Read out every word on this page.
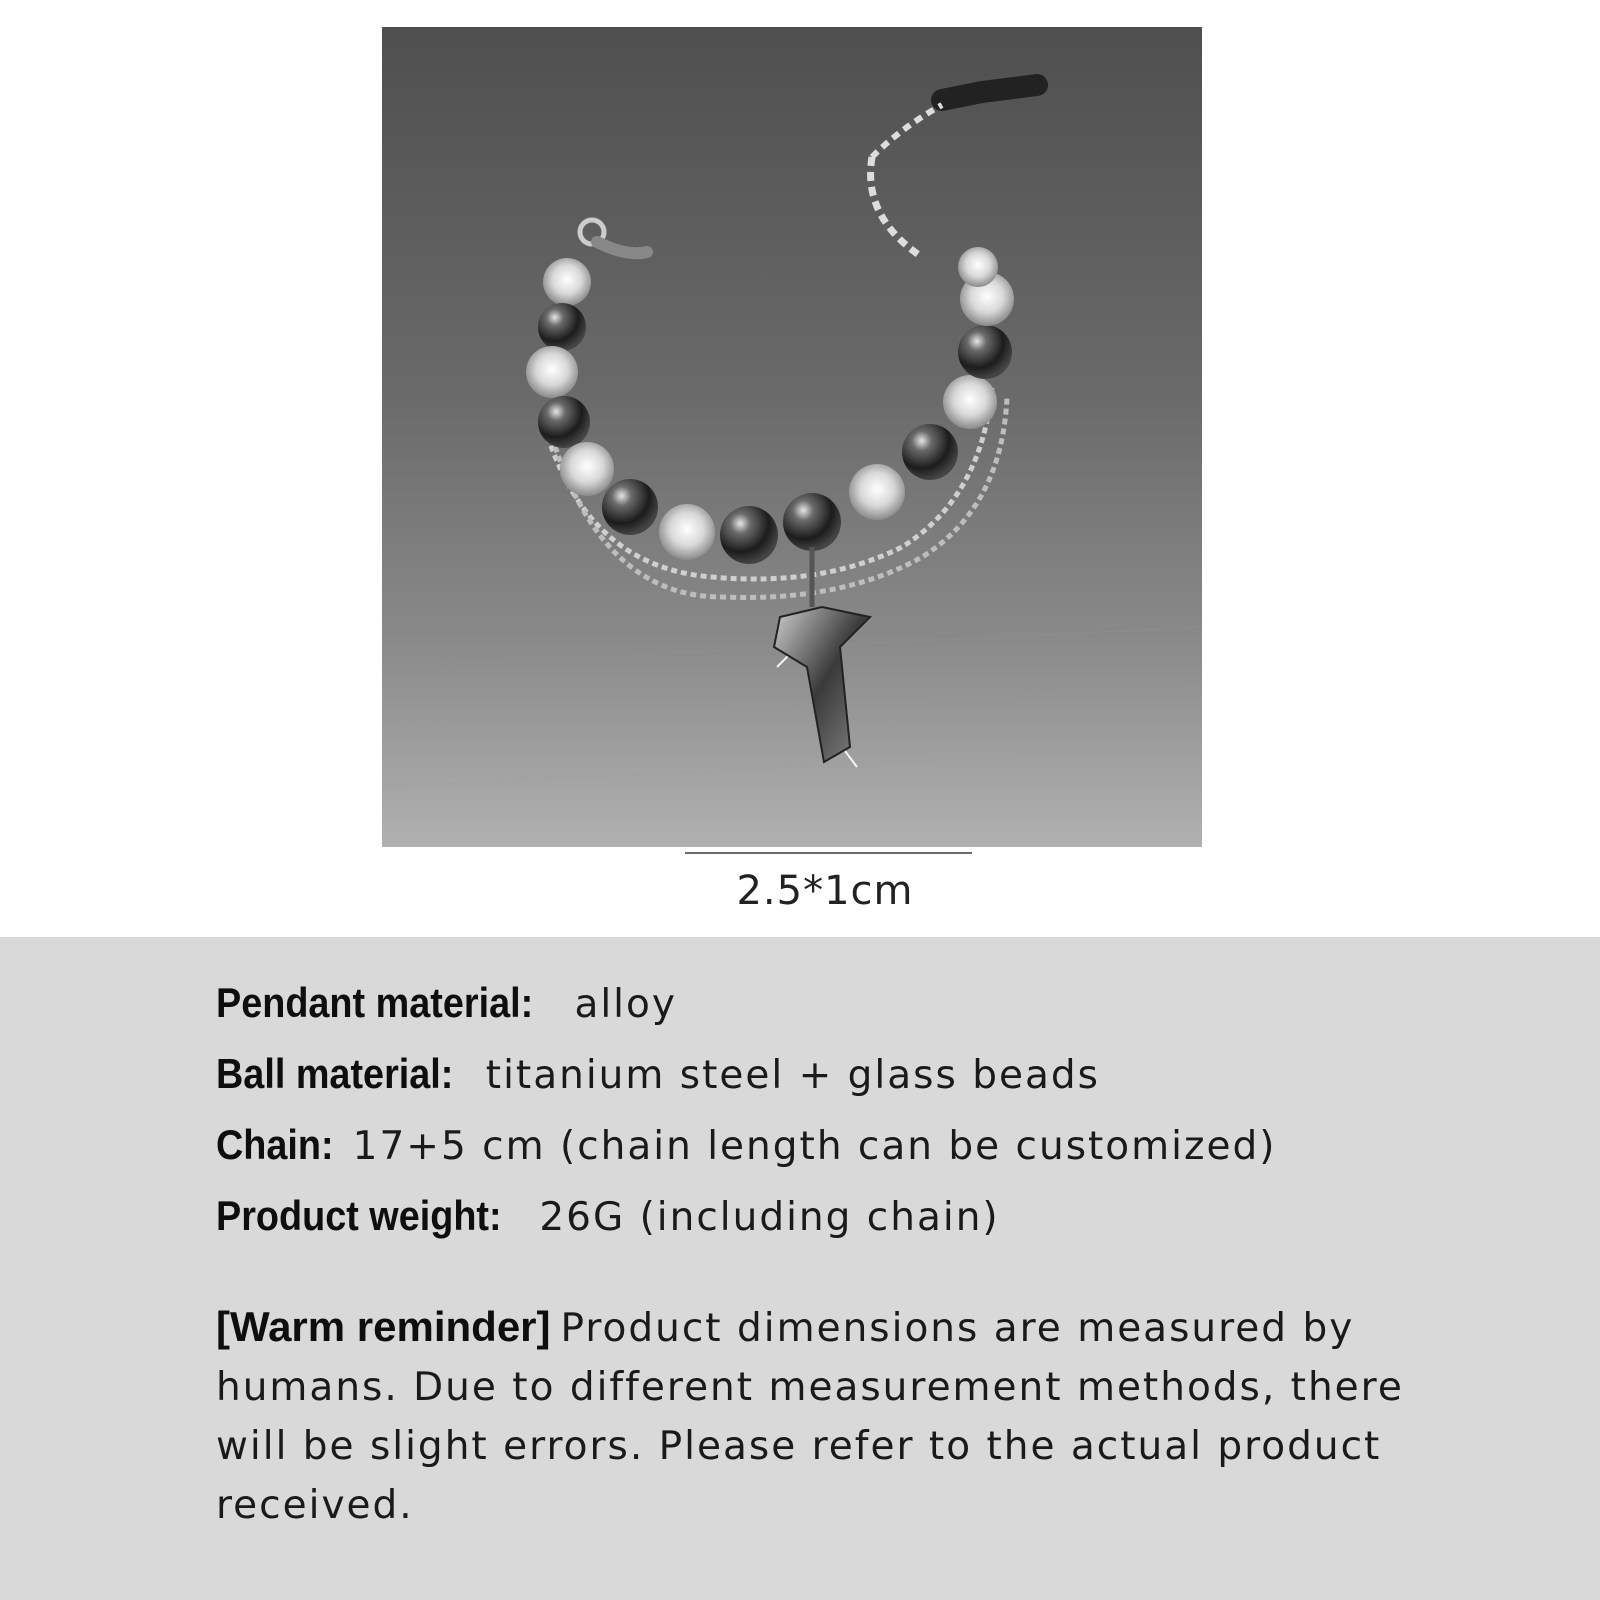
2.5*1cm
Pendant material: alloy
Ball material: titanium steel + glass beads
Chain: 17+5 cm (chain length can be customized)
Product weight: 26G (including chain)
[Warm reminder] Product dimensions are measured by humans. Due to different measurement methods, there will be slight errors. Please refer to the actual product received.
